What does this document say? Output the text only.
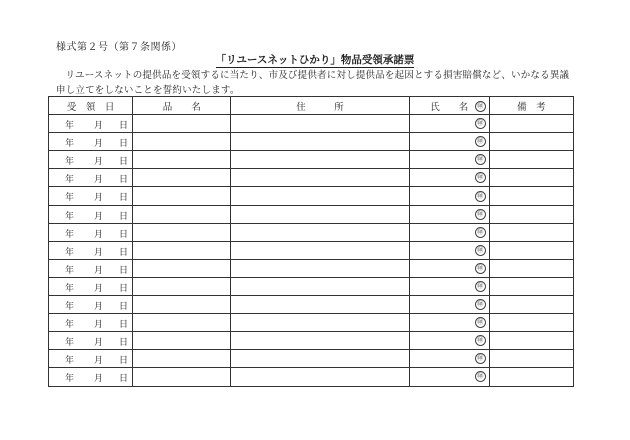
様式第２号（第７条関係）
「リユースネットひかり」物品受領承諾票
リユースネットの提供品を受領するに当たり、市及び提供者に対し提供品を起因とする損害賠償など、いかなる異議申し立てをしないことを誓約いたします。
受　領　日	品　　名	住　　　所	氏　　名 ㊞	備　考

年 月 日			㊞	

年 月 日			㊞	

年 月 日			㊞	

年 月 日			㊞	

年 月 日			㊞	

年 月 日			㊞	

年 月 日			㊞	

年 月 日			㊞	

年 月 日			㊞	

年 月 日			㊞	

年 月 日			㊞	

年 月 日			㊞	

年 月 日			㊞	

年 月 日			㊞	

年 月 日			㊞	
